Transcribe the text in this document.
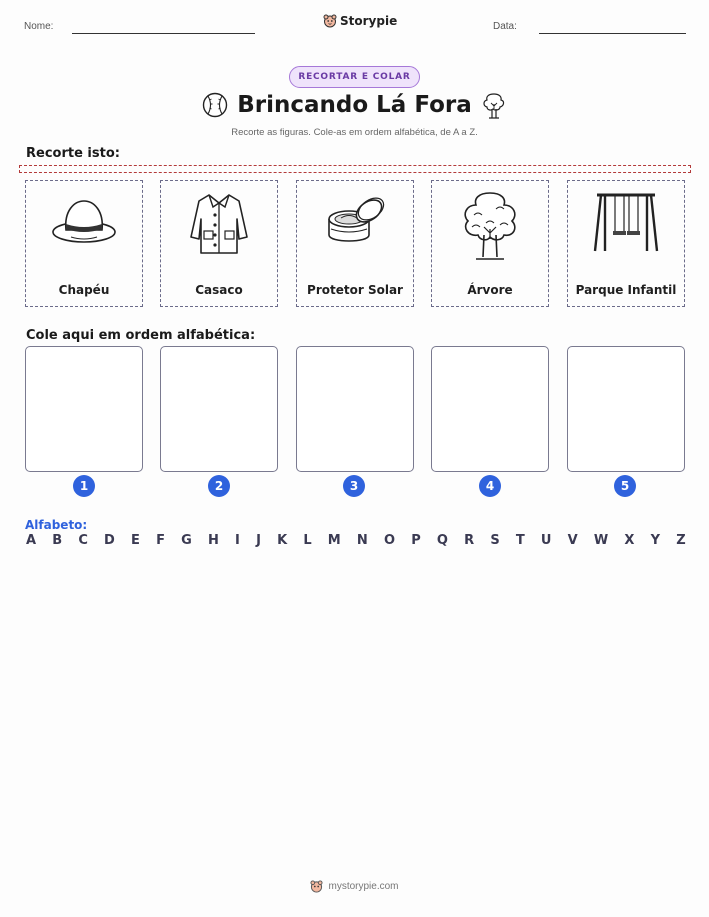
Nome:	Storypie	Data:
RECORTAR E COLAR
Brincando Lá Fora
Recorte as figuras. Cole-as em ordem alfabética, de A a Z.
Recorte isto:
Chapéu	Casaco	Protetor Solar	Árvore	Parque Infantil
Cole aqui em ordem alfabética:
1	2	3	4	5
Alfabeto:
A B C D E F G H I J K L M N O P Q R S T U V W X Y Z
mystorypie.com
